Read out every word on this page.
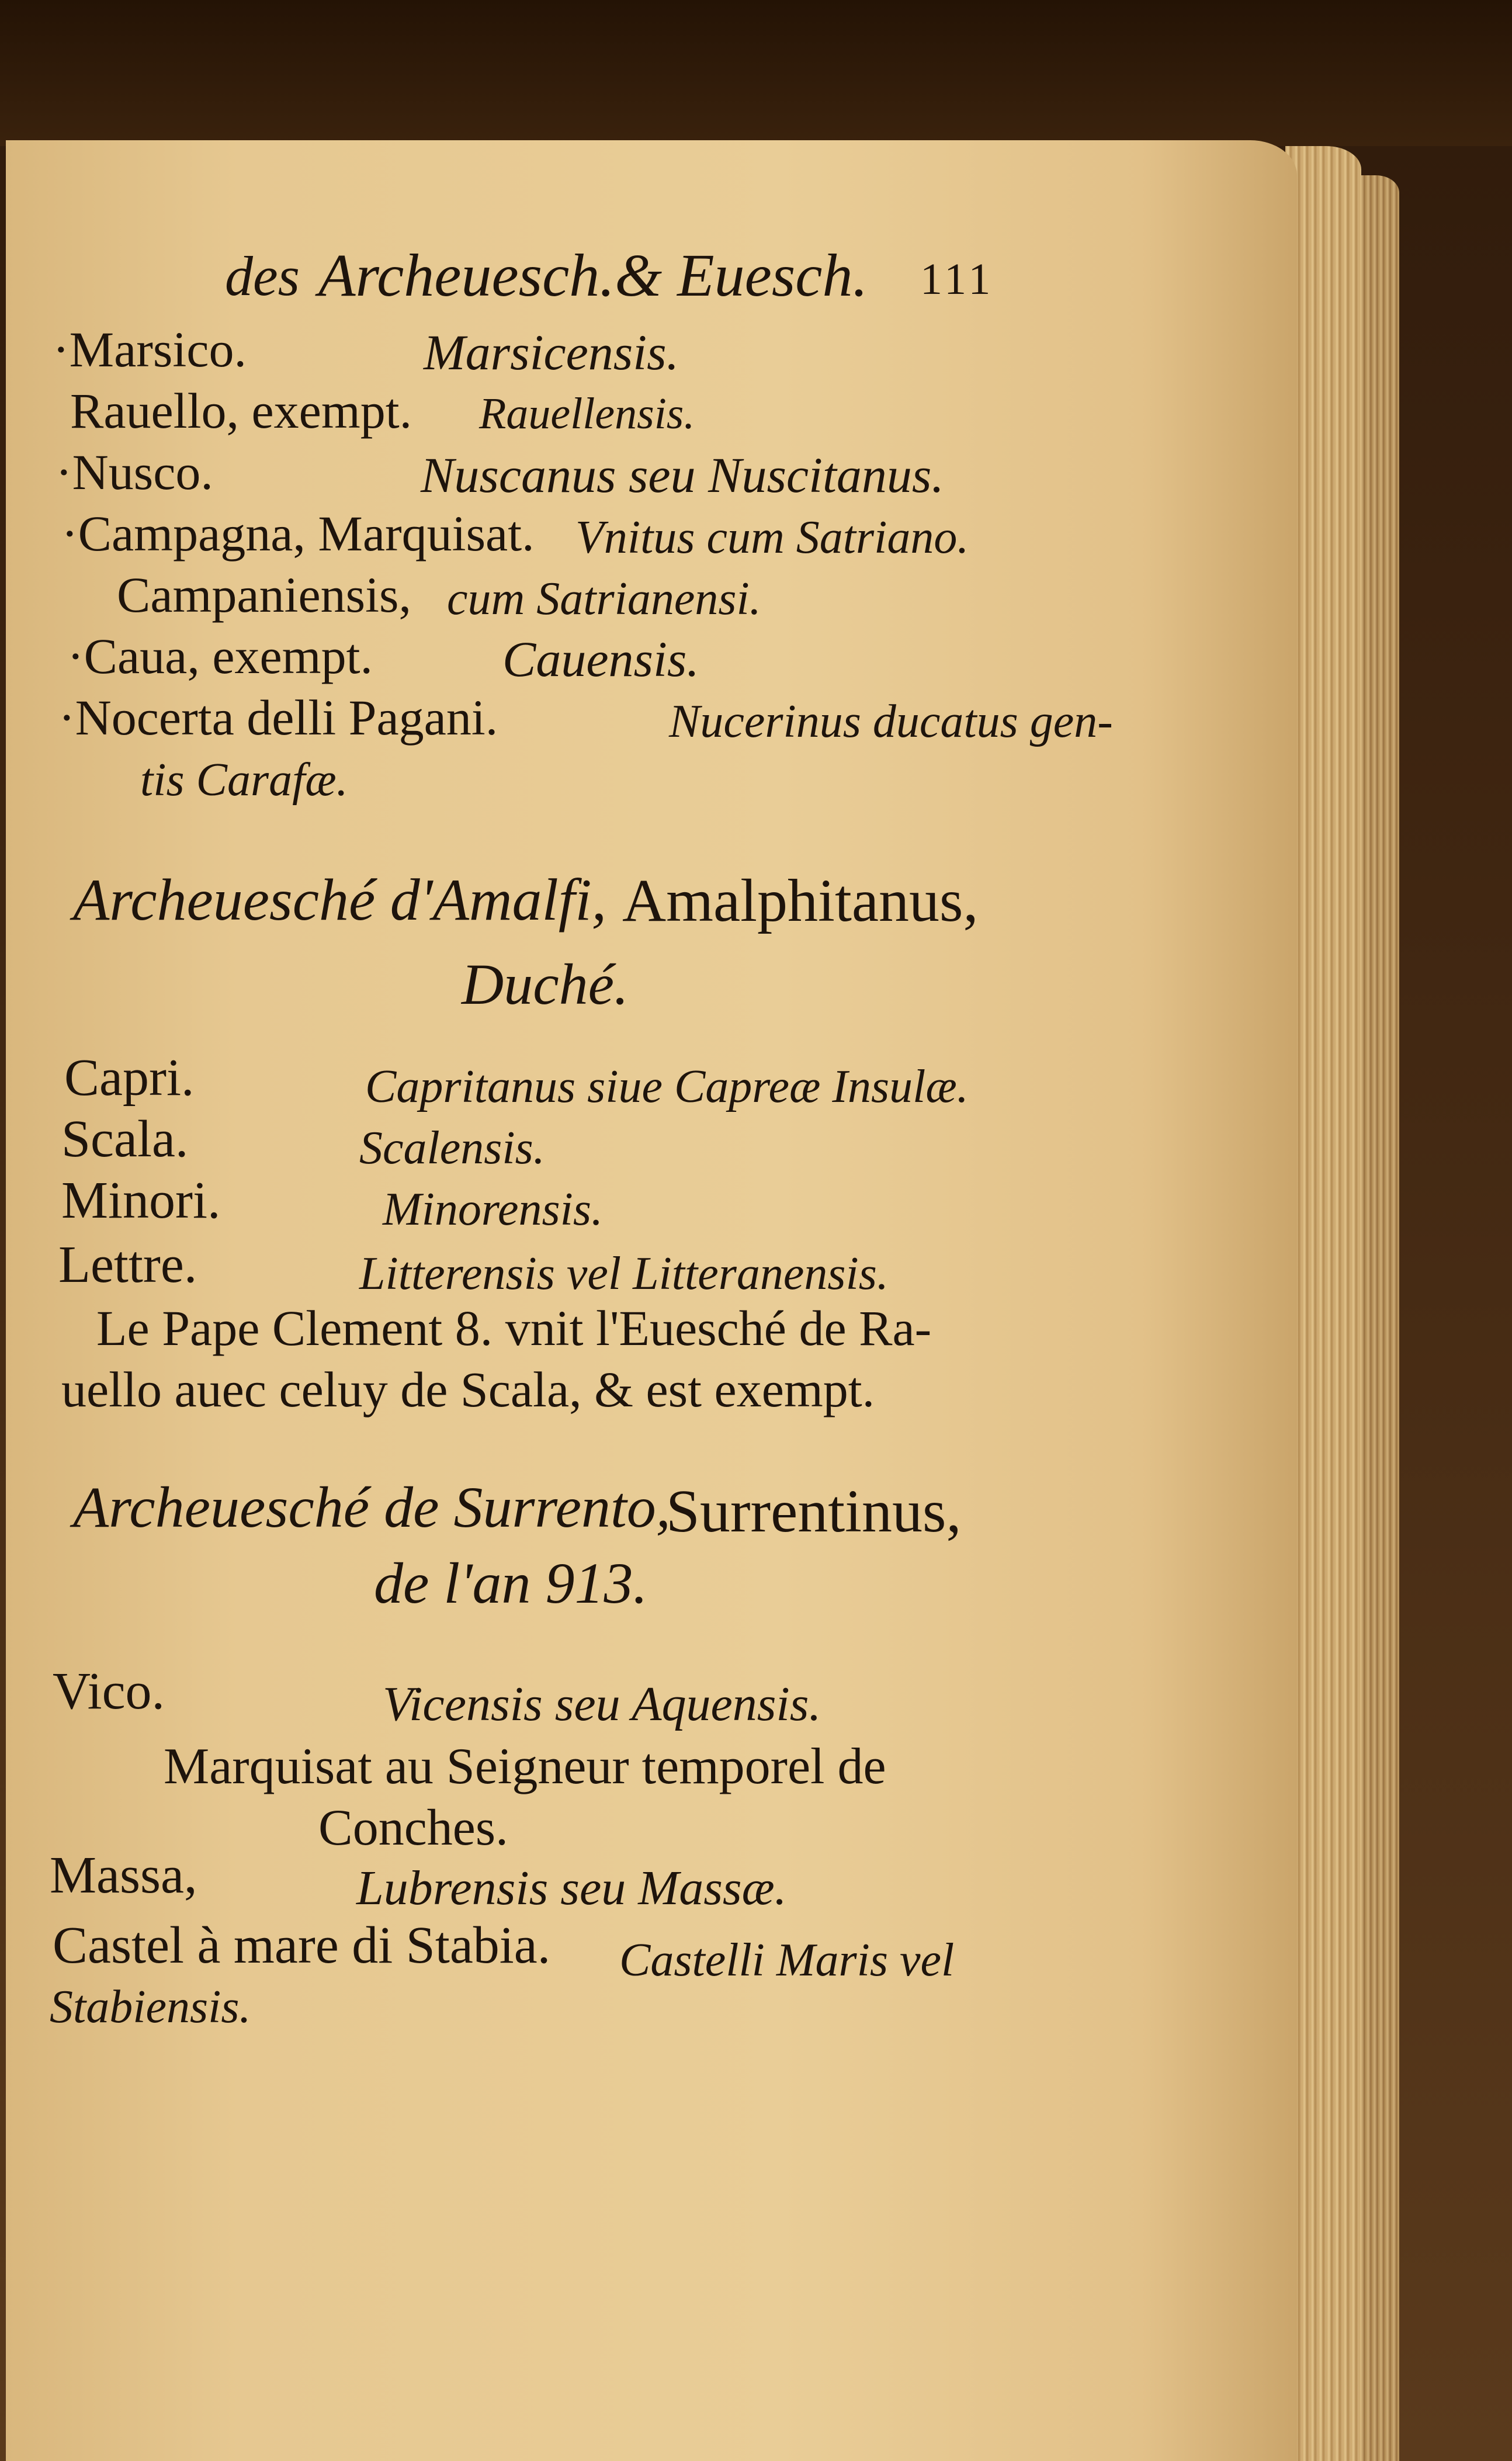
des Archeuesch.& Euesch. 111
·Marsico.	Marsicensis.
Rauello, exempt. Rauellensis.
·Nusco.	Nuscanus seu Nuscitanus.
·Campagna, Marquisat. Vnitus cum Satriano.
Campaniensis, cum Satrianensi.
·Caua, exempt.	Cauensis.
·Nocerta delli Pagani.	Nucerinus ducatus gen-
tis Carafæ.
Archeuesché d'Amalfi, Amalphitanus,
Duché.
Capri.	Capritanus siue Capreæ Insulæ.
Scala.	Scalensis.
Minori.	Minorensis.
Lettre.	Litterensis vel Litteranensis.
Le Pape Clement 8. vnit l'Euesché de Ra-
uello auec celuy de Scala, & est exempt.
Archeuesché de Surrento,
Surrentinus,
de l'an 913.
Vico.	Vicensis seu Aquensis.
Marquisat au Seigneur temporel de
Conches.
Massa,	Lubrensis seu Massæ.
Castel à mare di Stabia. Castelli Maris vel
Stabiensis.
